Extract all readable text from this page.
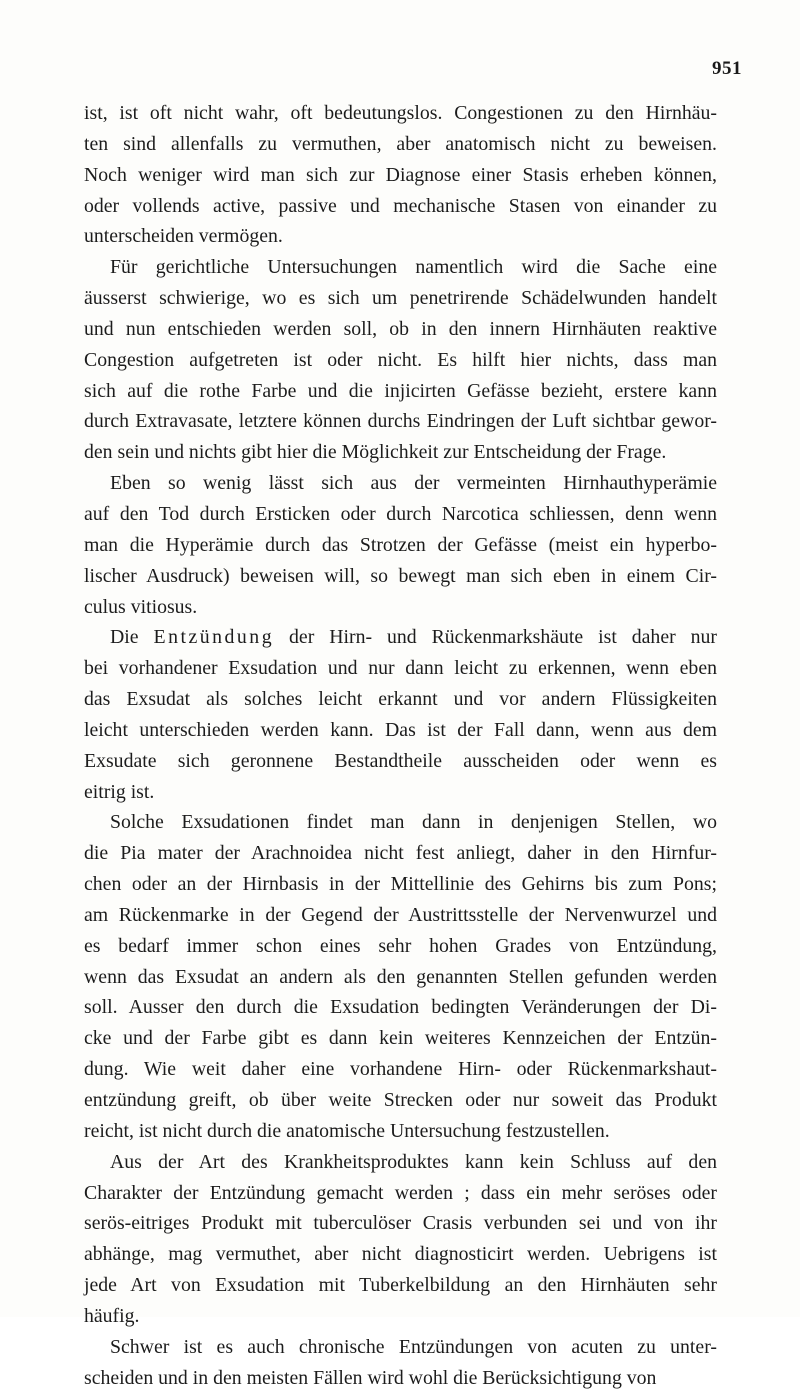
951
ist, ist oft nicht wahr, oft bedeutungslos. Congestionen zu den Hirnhäu-
ten sind allenfalls zu vermuthen, aber anatomisch nicht zu beweisen.
Noch weniger wird man sich zur Diagnose einer Stasis erheben können,
oder vollends active, passive und mechanische Stasen von einander zu
unterscheiden vermögen.
Für gerichtliche Untersuchungen namentlich wird die Sache eine
äusserst schwierige, wo es sich um penetrirende Schädelwunden handelt
und nun entschieden werden soll, ob in den innern Hirnhäuten reaktive
Congestion aufgetreten ist oder nicht. Es hilft hier nichts, dass man
sich auf die rothe Farbe und die injicirten Gefässe bezieht, erstere kann
durch Extravasate, letztere können durchs Eindringen der Luft sichtbar gewor-
den sein und nichts gibt hier die Möglichkeit zur Entscheidung der Frage.
Eben so wenig lässt sich aus der vermeinten Hirnhauthyperämie
auf den Tod durch Ersticken oder durch Narcotica schliessen, denn wenn
man die Hyperämie durch das Strotzen der Gefässe (meist ein hyperbo-
lischer Ausdruck) beweisen will, so bewegt man sich eben in einem Cir-
culus vitiosus.
Die Entzündung der Hirn- und Rückenmarkshäute ist daher nur
bei vorhandener Exsudation und nur dann leicht zu erkennen, wenn eben
das Exsudat als solches leicht erkannt und vor andern Flüssigkeiten
leicht unterschieden werden kann. Das ist der Fall dann, wenn aus dem
Exsudate sich geronnene Bestandtheile ausscheiden oder wenn es
eitrig ist.
Solche Exsudationen findet man dann in denjenigen Stellen, wo
die Pia mater der Arachnoidea nicht fest anliegt, daher in den Hirnfur-
chen oder an der Hirnbasis in der Mittellinie des Gehirns bis zum Pons;
am Rückenmarke in der Gegend der Austrittsstelle der Nervenwurzel und
es bedarf immer schon eines sehr hohen Grades von Entzündung,
wenn das Exsudat an andern als den genannten Stellen gefunden werden
soll. Ausser den durch die Exsudation bedingten Veränderungen der Di-
cke und der Farbe gibt es dann kein weiteres Kennzeichen der Entzün-
dung. Wie weit daher eine vorhandene Hirn- oder Rückenmarkshaut-
entzündung greift, ob über weite Strecken oder nur soweit das Produkt
reicht, ist nicht durch die anatomische Untersuchung festzustellen.
Aus der Art des Krankheitsproduktes kann kein Schluss auf den
Charakter der Entzündung gemacht werden ; dass ein mehr seröses oder
serös-eitriges Produkt mit tuberculöser Crasis verbunden sei und von ihr
abhänge, mag vermuthet, aber nicht diagnosticirt werden. Uebrigens ist
jede Art von Exsudation mit Tuberkelbildung an den Hirnhäuten sehr
häufig.
Schwer ist es auch chronische Entzündungen von acuten zu unter-
scheiden und in den meisten Fällen wird wohl die Berücksichtigung von
